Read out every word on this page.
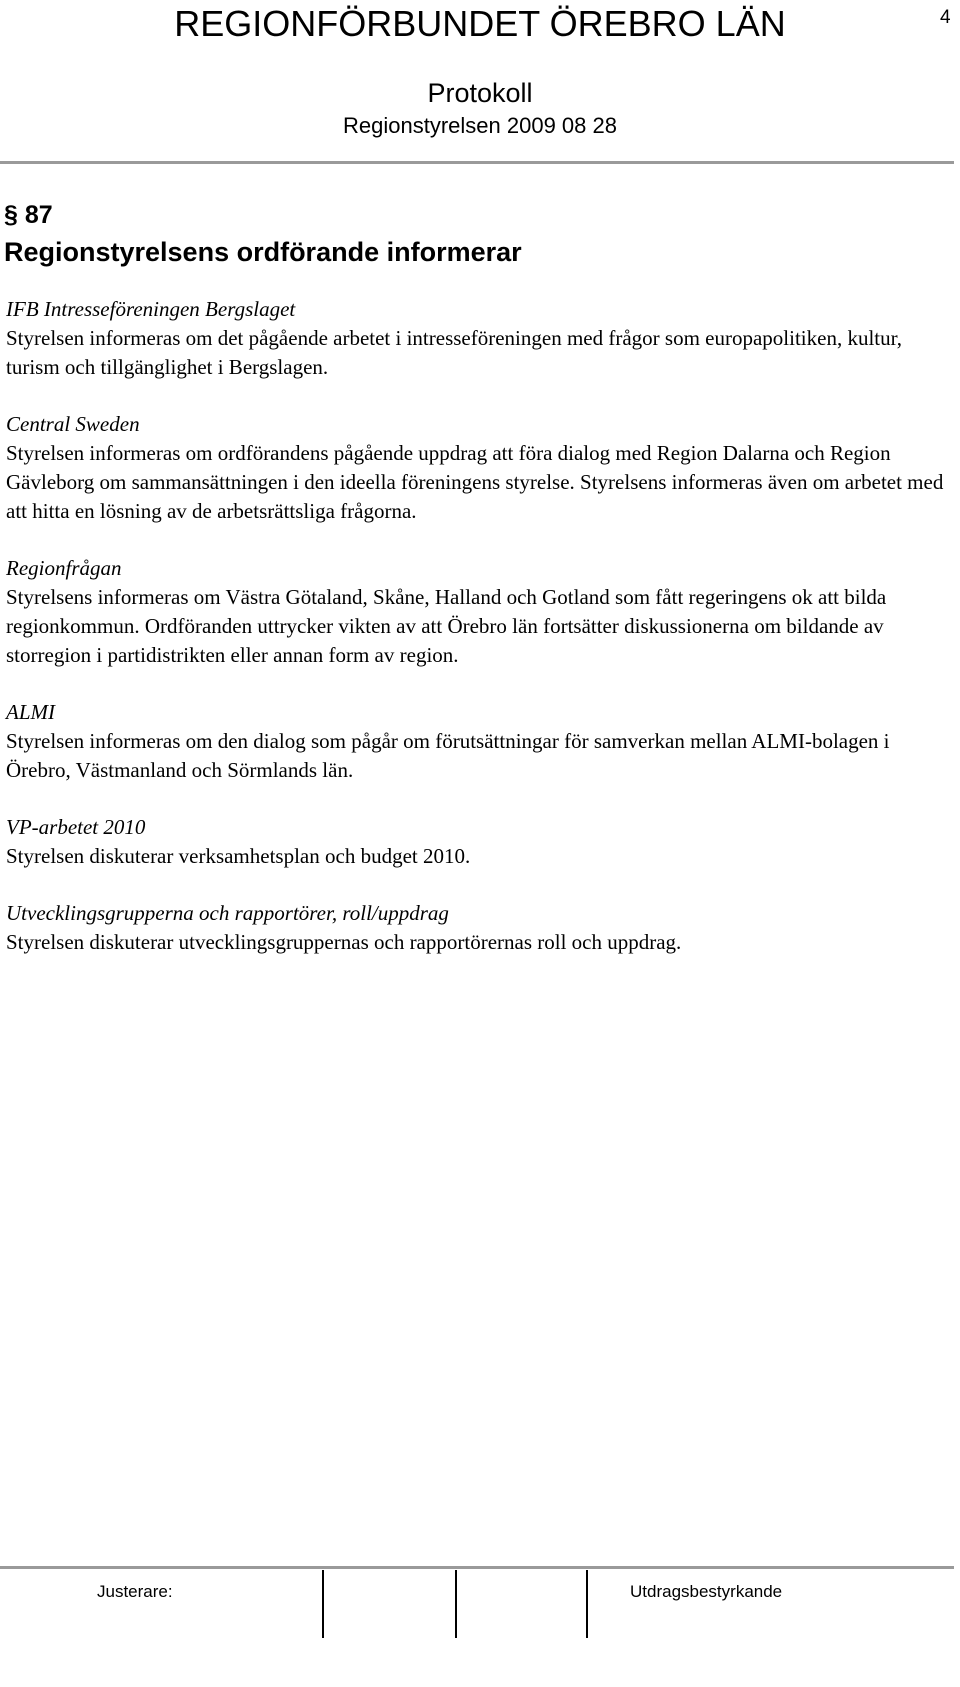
REGIONFÖRBUNDET ÖREBRO LÄN	4
Protokoll
Regionstyrelsen 2009 08 28
§ 87
Regionstyrelsens ordförande informerar
IFB Intresseföreningen Bergslaget
Styrelsen informeras om det pågående arbetet i intresseföreningen med frågor som europapolitiken, kultur, turism och tillgänglighet i Bergslagen.
Central Sweden
Styrelsen informeras om ordförandens pågående uppdrag att föra dialog med Region Dalarna och Region Gävleborg om sammansättningen i den ideella föreningens styrelse. Styrelsens informeras även om arbetet med att hitta en lösning av de arbetsrättsliga frågorna.
Regionfrågan
Styrelsens informeras om Västra Götaland, Skåne, Halland och Gotland som fått regeringens ok att bilda regionkommun. Ordföranden uttrycker vikten av att Örebro län fortsätter diskussionerna om bildande av storregion i partidistrikten eller annan form av region.
ALMI
Styrelsen informeras om den dialog som pågår om förutsättningar för samverkan mellan ALMI-bolagen i Örebro, Västmanland och Sörmlands län.
VP-arbetet 2010
Styrelsen diskuterar verksamhetsplan och budget 2010.
Utvecklingsgrupperna och rapportörer, roll/uppdrag
Styrelsen diskuterar utvecklingsgruppernas och rapportörernas roll och uppdrag.
Justerare:	Utdragsbestyrkande
